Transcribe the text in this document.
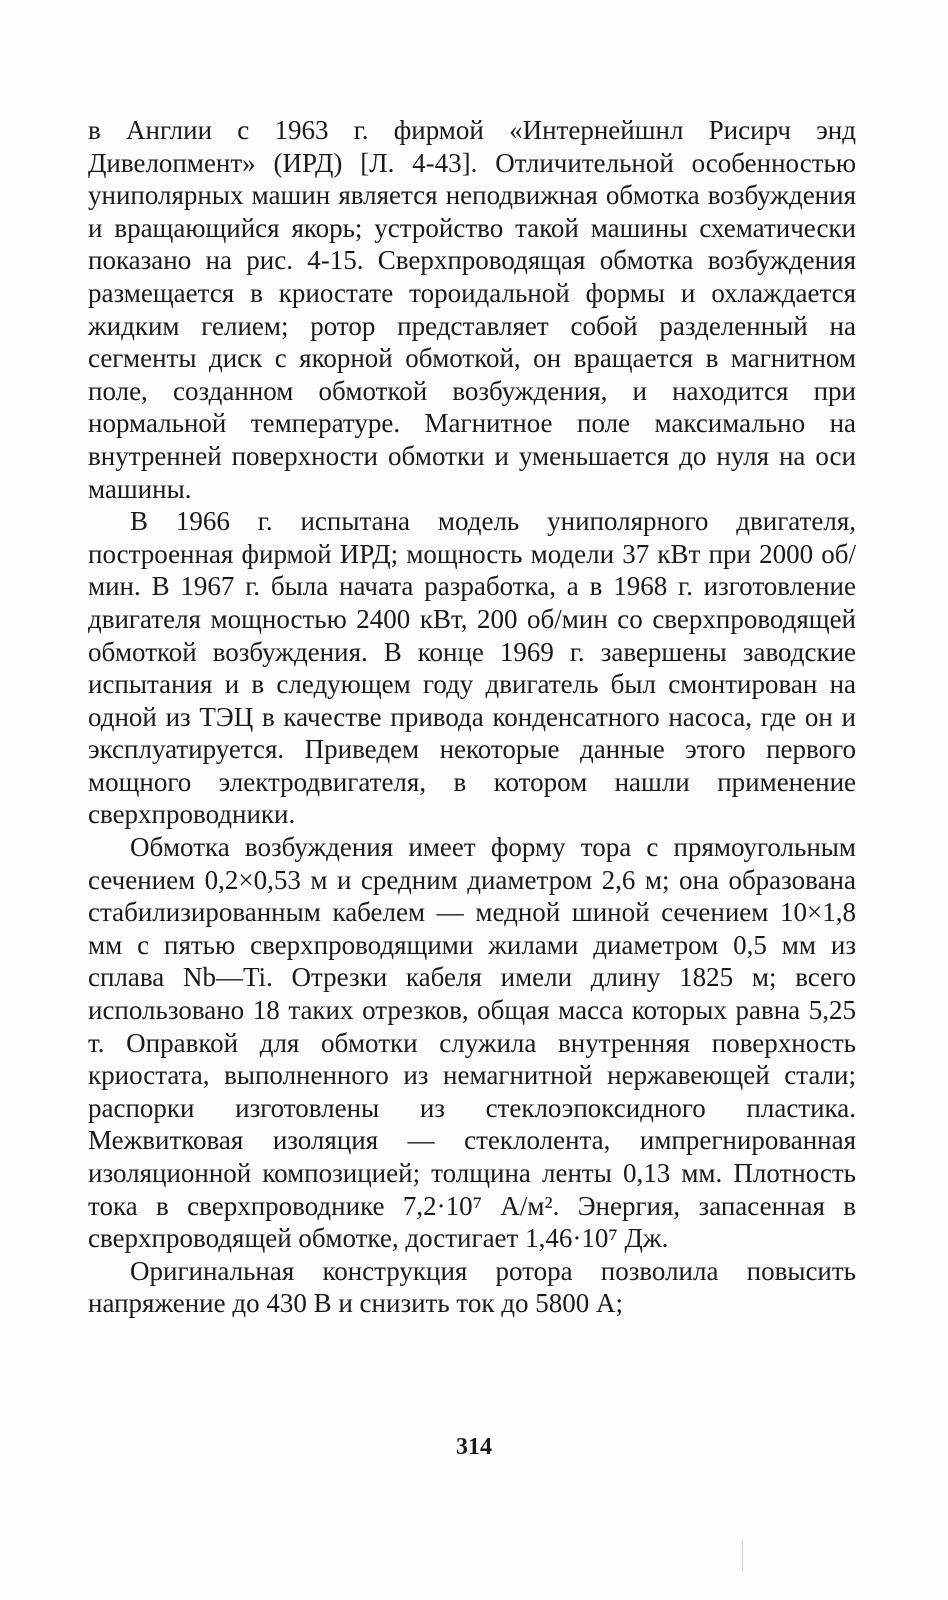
в Англии с 1963 г. фирмой «Интернейшнл Рисирч энд Дивелопмент» (ИРД) [Л. 4-43]. Отличительной особенностью униполярных машин является неподвижная обмотка возбуждения и вращающийся якорь; устройство такой машины схематически показано на рис. 4-15. Сверхпроводящая обмотка возбуждения размещается в криостате тороидальной формы и охлаждается жидким гелием; ротор представляет собой разделенный на сегменты диск с якорной обмоткой, он вращается в магнитном поле, созданном обмоткой возбуждения, и находится при нормальной температуре. Магнитное поле максимально на внутренней поверхности обмотки и уменьшается до нуля на оси машины.

В 1966 г. испытана модель униполярного двигателя, построенная фирмой ИРД; мощность модели 37 кВт при 2000 об/мин. В 1967 г. была начата разработка, а в 1968 г. изготовление двигателя мощностью 2400 кВт, 200 об/мин со сверхпроводящей обмоткой возбуждения. В конце 1969 г. завершены заводские испытания и в следующем году двигатель был смонтирован на одной из ТЭЦ в качестве привода конденсатного насоса, где он и эксплуатируется. Приведем некоторые данные этого первого мощного электродвигателя, в котором нашли применение сверхпроводники.

Обмотка возбуждения имеет форму тора с прямоугольным сечением 0,2×0,53 м и средним диаметром 2,6 м; она образована стабилизированным кабелем — медной шиной сечением 10×1,8 мм с пятью сверхпроводящими жилами диаметром 0,5 мм из сплава Nb—Ti. Отрезки кабеля имели длину 1825 м; всего использовано 18 таких отрезков, общая масса которых равна 5,25 т. Оправкой для обмотки служила внутренняя поверхность криостата, выполненного из немагнитной нержавеющей стали; распорки изготовлены из стеклоэпоксидного пластика. Межвитковая изоляция — стеклолента, импрегнированная изоляционной композицией; толщина ленты 0,13 мм. Плотность тока в сверхпроводнике 7,2·10⁷ А/м². Энергия, запасенная в сверхпроводящей обмотке, достигает 1,46·10⁷ Дж.

Оригинальная конструкция ротора позволила повысить напряжение до 430 В и снизить ток до 5800 А;

314
